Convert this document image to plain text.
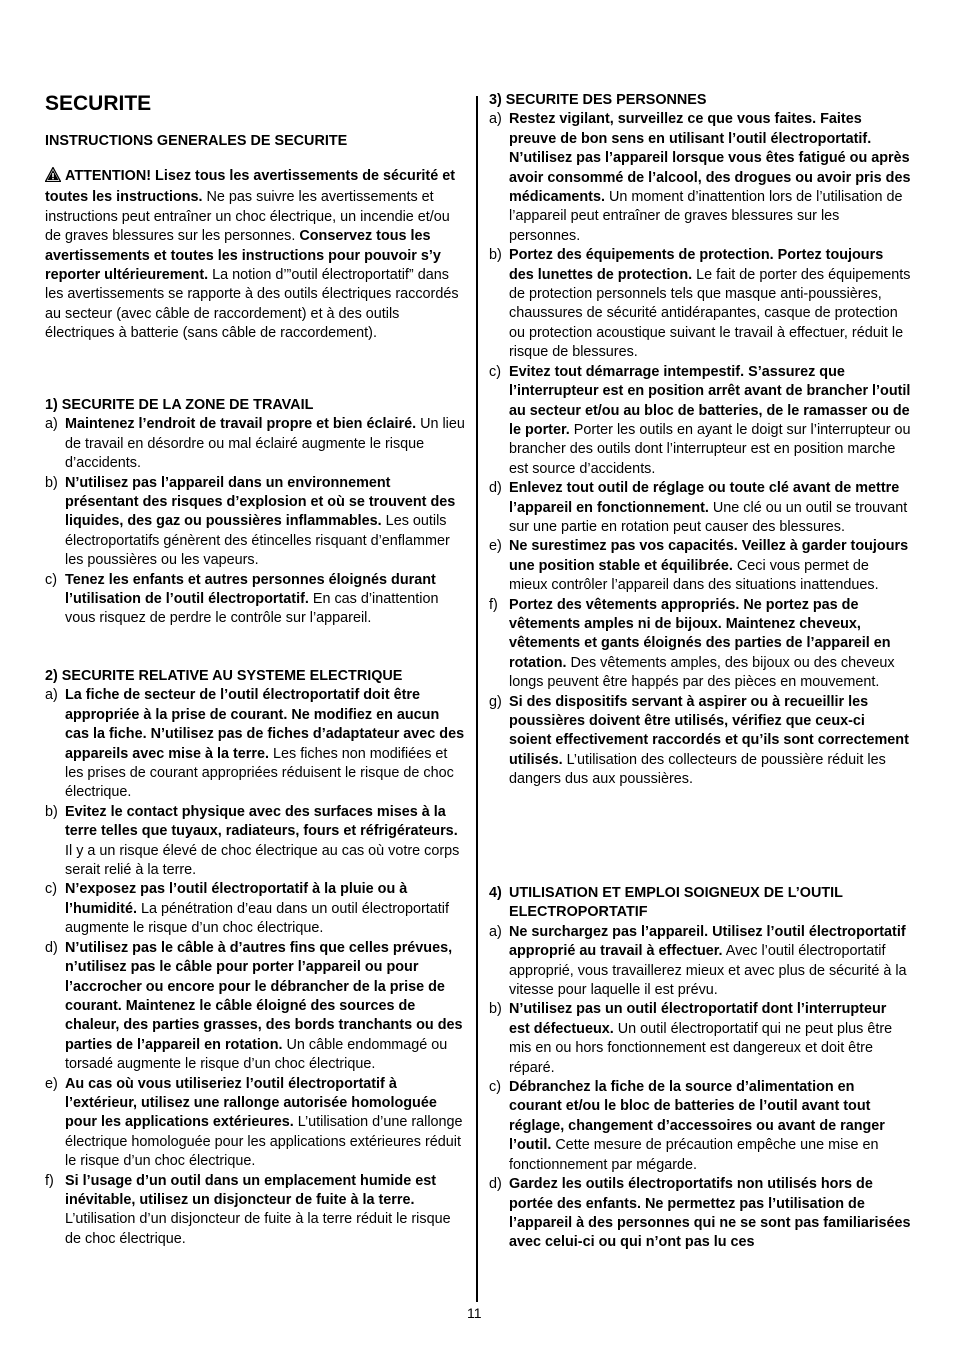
SECURITE

INSTRUCTIONS GENERALES DE SECURITE

ATTENTION! Lisez tous les avertissements de sécurité et toutes les instructions. Ne pas suivre les avertissements et instructions peut entraîner un choc électrique, un incendie et/ou de graves blessures sur les personnes. Conservez tous les avertissements et toutes les instructions pour pouvoir s’y reporter ultérieurement. La notion d’”outil électroportatif” dans les avertissements se rapporte à des outils électriques raccordés au secteur (avec câble de raccordement) et à des outils électriques à batterie (sans câble de raccordement).

1) SECURITE DE LA ZONE DE TRAVAIL

a) Maintenez l’endroit de travail propre et bien éclairé. Un lieu de travail en désordre ou mal éclairé augmente le risque d’accidents.
b) N’utilisez pas l’appareil dans un environnement présentant des risques d’explosion et où se trouvent des liquides, des gaz ou poussières inflammables. Les outils électroportatifs génèrent des étincelles risquant d’enflammer les poussières ou les vapeurs.
c) Tenez les enfants et autres personnes éloignés durant l’utilisation de l’outil électroportatif. En cas d’inattention vous risquez de perdre le contrôle sur l’appareil.

2) SECURITE RELATIVE AU SYSTEME ELECTRIQUE

a) La fiche de secteur de l’outil électroportatif doit être appropriée à la prise de courant. Ne modifiez en aucun cas la fiche. N’utilisez pas de fiches d’adaptateur avec des appareils avec mise à la terre. Les fiches non modifiées et les prises de courant appropriées réduisent le risque de choc électrique.
b) Evitez le contact physique avec des surfaces mises à la terre telles que tuyaux, radiateurs, fours et réfrigérateurs. Il y a un risque élevé de choc électrique au cas où votre corps serait relié à la terre.
c) N’exposez pas l’outil électroportatif à la pluie ou à l’humidité. La pénétration d’eau dans un outil électroportatif augmente le risque d’un choc électrique.
d) N’utilisez pas le câble à d’autres fins que celles prévues, n’utilisez pas le câble pour porter l’appareil ou pour l’accrocher ou encore pour le débrancher de la prise de courant. Maintenez le câble éloigné des sources de chaleur, des parties grasses, des bords tranchants ou des parties de l’appareil en rotation. Un câble endommagé ou torsadé augmente le risque d’un choc électrique.
e) Au cas où vous utiliseriez l’outil électroportatif à l’extérieur, utilisez une rallonge autorisée homologuée pour les applications extérieures. L’utilisation d’une rallonge électrique homologuée pour les applications extérieures réduit le risque d’un choc électrique.
f) Si l’usage d’un outil dans un emplacement humide est inévitable, utilisez un disjoncteur de fuite à la terre. L’utilisation d’un disjoncteur de fuite à la terre réduit le risque de choc électrique.

3) SECURITE DES PERSONNES

a) Restez vigilant, surveillez ce que vous faites. Faites preuve de bon sens en utilisant l’outil électroportatif. N’utilisez pas l’appareil lorsque vous êtes fatigué ou après avoir consommé de l’alcool, des drogues ou avoir pris des médicaments. Un moment d’inattention lors de l’utilisation de l’appareil peut entraîner de graves blessures sur les personnes.
b) Portez des équipements de protection. Portez toujours des lunettes de protection. Le fait de porter des équipements de protection personnels tels que masque anti-poussières, chaussures de sécurité antidérapantes, casque de protection ou protection acoustique suivant le travail à effectuer, réduit le risque de blessures.
c) Evitez tout démarrage intempestif. S’assurez que l’interrupteur est en position arrêt avant de brancher l’outil au secteur et/ou au bloc de batteries, de le ramasser ou de le porter. Porter les outils en ayant le doigt sur l’interrupteur ou brancher des outils dont l’interrupteur est en position marche est source d’accidents.
d) Enlevez tout outil de réglage ou toute clé avant de mettre l’appareil en fonctionnement. Une clé ou un outil se trouvant sur une partie en rotation peut causer des blessures.
e) Ne surestimez pas vos capacités. Veillez à garder toujours une position stable et équilibrée. Ceci vous permet de mieux contrôler l’appareil dans des situations inattendues.
f) Portez des vêtements appropriés. Ne portez pas de vêtements amples ni de bijoux. Maintenez cheveux, vêtements et gants éloignés des parties de l’appareil en rotation. Des vêtements amples, des bijoux ou des cheveux longs peuvent être happés par des pièces en mouvement.
g) Si des dispositifs servant à aspirer ou à recueillir les poussières doivent être utilisés, vérifiez que ceux-ci soient effectivement raccordés et qu’ils sont correctement utilisés. L’utilisation des collecteurs de poussière réduit les dangers dus aux poussières.

4) UTILISATION ET EMPLOI SOIGNEUX DE L’OUTIL ELECTROPORTATIF

a) Ne surchargez pas l’appareil. Utilisez l’outil électroportatif approprié au travail à effectuer. Avec l’outil électroportatif approprié, vous travaillerez mieux et avec plus de sécurité à la vitesse pour laquelle il est prévu.
b) N’utilisez pas un outil électroportatif dont l’interrupteur est défectueux. Un outil électroportatif qui ne peut plus être mis en ou hors fonctionnement est dangereux et doit être réparé.
c) Débranchez la fiche de la source d’alimentation en courant et/ou le bloc de batteries de l’outil avant tout réglage, changement d’accessoires ou avant de ranger l’outil. Cette mesure de précaution empêche une mise en fonctionnement par mégarde.
d) Gardez les outils électroportatifs non utilisés hors de portée des enfants. Ne permettez pas l’utilisation de l’appareil à des personnes qui ne se sont pas familiarisées avec celui-ci ou qui n’ont pas lu ces
11
